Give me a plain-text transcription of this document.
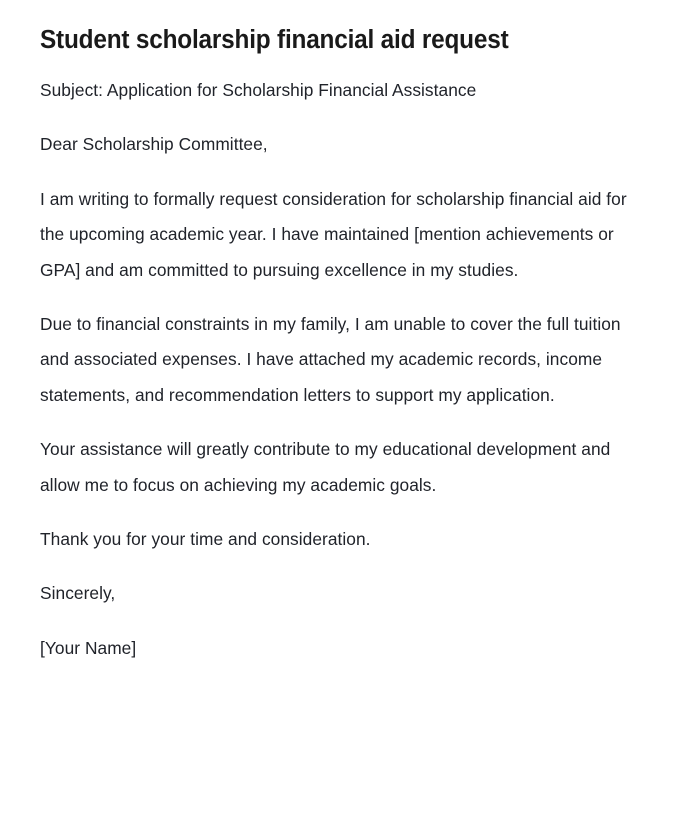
Student scholarship financial aid request

Subject: Application for Scholarship Financial Assistance

Dear Scholarship Committee,

I am writing to formally request consideration for scholarship financial aid for the upcoming academic year. I have maintained [mention achievements or GPA] and am committed to pursuing excellence in my studies.

Due to financial constraints in my family, I am unable to cover the full tuition and associated expenses. I have attached my academic records, income statements, and recommendation letters to support my application.

Your assistance will greatly contribute to my educational development and allow me to focus on achieving my academic goals.

Thank you for your time and consideration.

Sincerely,

[Your Name]
